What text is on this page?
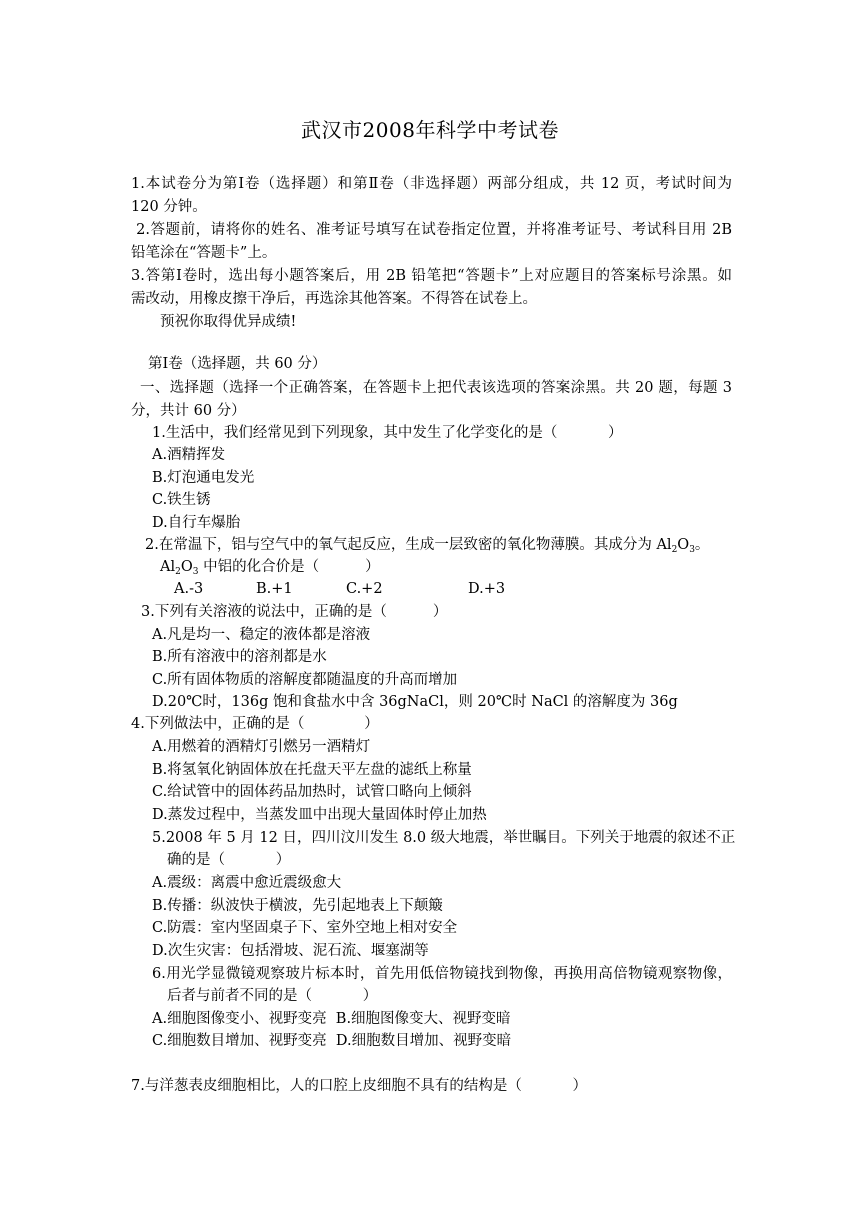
武汉市2008年科学中考试卷
1.本试卷分为第Ⅰ卷（选择题）和第Ⅱ卷（非选择题）两部分组成，共 12 页，考试时间为
120 分钟。
2.答题前，请将你的姓名、准考证号填写在试卷指定位置，并将准考证号、考试科目用 2B
铅笔涂在“答题卡”上。
3.答第Ⅰ卷时，选出每小题答案后，用 2B 铅笔把“答题卡”上对应题目的答案标号涂黑。如
需改动，用橡皮擦干净后，再选涂其他答案。不得答在试卷上。
预祝你取得优异成绩!
第Ⅰ卷（选择题，共 60 分）
一、选择题（选择一个正确答案，在答题卡上把代表该选项的答案涂黑。共 20 题，每题 3
分，共计 60 分）
1.生活中，我们经常见到下列现象，其中发生了化学变化的是（           ）
A.酒精挥发
B.灯泡通电发光
C.铁生锈
D.自行车爆胎
2.在常温下，铝与空气中的氧气起反应，生成一层致密的氧化物薄膜。其成分为 $Al_2O_3$。
$Al_2O_3$ 中铝的化合价是（          ）
A.-3	B.+1	C.+2	D.+3
3.下列有关溶液的说法中，正确的是（          ）
A.凡是均一、稳定的液体都是溶液
B.所有溶液中的溶剂都是水
C.所有固体物质的溶解度都随温度的升高而增加
D.20℃时，136g 饱和食盐水中含 36gNaCl，则 20℃时 NaCl 的溶解度为 36g
4.下列做法中，正确的是（             ）
A.用燃着的酒精灯引燃另一酒精灯
B.将氢氧化钠固体放在托盘天平左盘的滤纸上称量
C.给试管中的固体药品加热时，试管口略向上倾斜
D.蒸发过程中，当蒸发皿中出现大量固体时停止加热
5.2008 年 5 月 12 日，四川汶川发生 8.0 级大地震，举世瞩目。下列关于地震的叙述不正
确的是（           ）
A.震级：离震中愈近震级愈大
B.传播：纵波快于横波，先引起地表上下颠簸
C.防震：室内坚固桌子下、室外空地上相对安全
D.次生灾害：包括滑坡、泥石流、堰塞湖等
6.用光学显微镜观察玻片标本时，首先用低倍物镜找到物像，再换用高倍物镜观察物像，
后者与前者不同的是（           ）
A.细胞图像变小、视野变亮  B.细胞图像变大、视野变暗
C.细胞数目增加、视野变亮  D.细胞数目增加、视野变暗
7.与洋葱表皮细胞相比，人的口腔上皮细胞不具有的结构是（           ）
